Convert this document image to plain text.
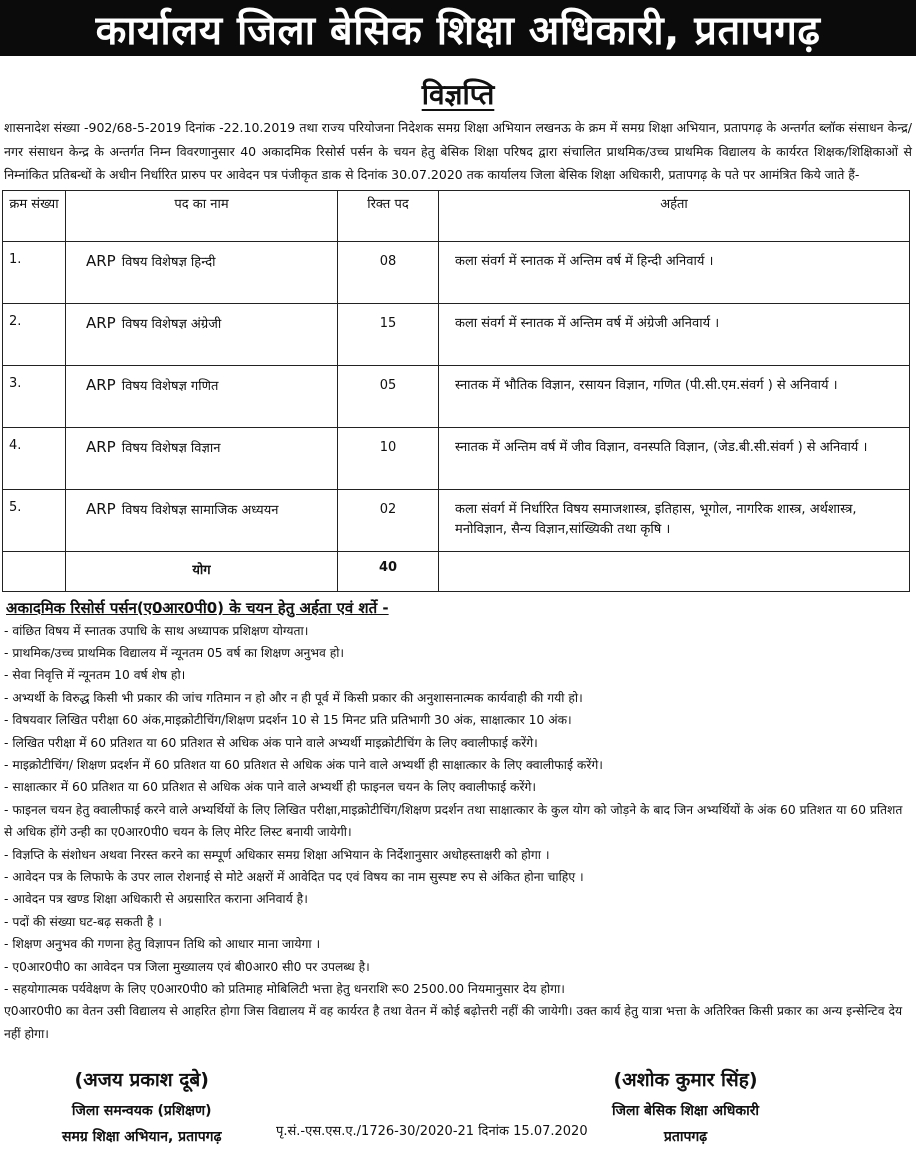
कार्यालय जिला बेसिक शिक्षा अधिकारी, प्रतापगढ़
विज्ञप्ति
शासनादेश संख्या -902/68-5-2019 दिनांक -22.10.2019 तथा राज्य परियोजना निदेशक समग्र शिक्षा अभियान लखनऊ के क्रम में समग्र शिक्षा अभियान, प्रतापगढ़ के अन्तर्गत ब्लॉक संसाधन केन्द्र/नगर संसाधन केन्द्र के अन्तर्गत निम्न विवरणानुसार 40 अकादमिक रिसोर्स पर्सन के चयन हेतु बेसिक शिक्षा परिषद द्वारा संचालित प्राथमिक/उच्च प्राथमिक विद्यालय के कार्यरत शिक्षक/शिक्षिकाओं से निम्नांकित प्रतिबन्धों के अधीन निर्धारित प्रारुप पर आवेदन पत्र पंजीकृत डाक से दिनांक 30.07.2020 तक कार्यालय जिला बेसिक शिक्षा अधिकारी, प्रतापगढ़ के पते पर आमंत्रित किये जाते हैं-
क्रम संख्या	पद का नाम	रिक्त पद	अर्हता
1.	ARP विषय विशेषज्ञ हिन्दी	08	कला संवर्ग में स्नातक में अन्तिम वर्ष में हिन्दी अनिवार्य ।
2.	ARP विषय विशेषज्ञ अंग्रेजी	15	कला संवर्ग में स्नातक में अन्तिम वर्ष में अंग्रेजी अनिवार्य ।
3.	ARP विषय विशेषज्ञ गणित	05	स्नातक में भौतिक विज्ञान, रसायन विज्ञान, गणित (पी.सी.एम.संवर्ग ) से अनिवार्य ।
4.	ARP विषय विशेषज्ञ विज्ञान	10	स्नातक में अन्तिम वर्ष में जीव विज्ञान, वनस्पति विज्ञान, (जेड.बी.सी.संवर्ग ) से अनिवार्य ।
5.	ARP विषय विशेषज्ञ सामाजिक अध्ययन	02	कला संवर्ग में निर्धारित विषय समाजशास्त्र, इतिहास, भूगोल, नागरिक शास्त्र, अर्थशास्त्र, मनोविज्ञान, सैन्य विज्ञान,सांख्यिकी तथा कृषि ।
	योग	40	
अकादमिक रिसोर्स पर्सन(ए0आर0पी0) के चयन हेतु अर्हता एवं शर्ते -
- वांछित विषय में स्नातक उपाधि के साथ अध्यापक प्रशिक्षण योग्यता।
- प्राथमिक/उच्च प्राथमिक विद्यालय में न्यूनतम 05 वर्ष का शिक्षण अनुभव हो।
- सेवा निवृत्ति में न्यूनतम 10 वर्ष शेष हो।
- अभ्यर्थी के विरुद्ध किसी भी प्रकार की जांच गतिमान न हो और न ही पूर्व में किसी प्रकार की अनुशासनात्मक कार्यवाही की गयी हो।
- विषयवार लिखित परीक्षा 60 अंक,माइक्रोटीचिंग/शिक्षण प्रदर्शन 10 से 15 मिनट प्रति प्रतिभागी 30 अंक, साक्षात्कार 10 अंक।
- लिखित परीक्षा में 60 प्रतिशत या 60 प्रतिशत से अधिक अंक पाने वाले अभ्यर्थी माइक्रोटीचिंग के लिए क्वालीफाई करेंगे।
- माइक्रोटीचिंग/ शिक्षण प्रदर्शन में 60 प्रतिशत या 60 प्रतिशत से अधिक अंक पाने वाले अभ्यर्थी ही साक्षात्कार के लिए क्वालीफाई करेंगे।
- साक्षात्कार में 60 प्रतिशत या 60 प्रतिशत से अधिक अंक पाने वाले अभ्यर्थी ही फाइनल चयन के लिए क्वालीफाई करेंगे।
- फाइनल चयन हेतु क्वालीफाई करने वाले अभ्यर्थियों के लिए लिखित परीक्षा,माइक्रोटीचिंग/शिक्षण प्रदर्शन तथा साक्षात्कार के कुल योग को जोड़ने के बाद जिन अभ्यर्थियों के अंक 60 प्रतिशत या 60 प्रतिशत से अधिक होंगे उन्ही का ए0आर0पी0 चयन के लिए मेरिट लिस्ट बनायी जायेगी।
- विज्ञप्ति के संशोधन अथवा निरस्त करने का सम्पूर्ण अधिकार समग्र शिक्षा अभियान के निर्देशानुसार अधोहस्ताक्षरी को होगा ।
- आवेदन पत्र के लिफाफे के उपर लाल रोशनाई से मोटे अक्षरों में आवेदित पद एवं विषय का नाम सुस्पष्ट रुप से अंकित होना चाहिए ।
- आवेदन पत्र खण्ड शिक्षा अधिकारी से अग्रसारित कराना अनिवार्य है।
- पदों की संख्या घट-बढ़ सकती है ।
- शिक्षण अनुभव की गणना हेतु विज्ञापन तिथि को आधार माना जायेगा ।
- ए0आर0पी0 का आवेदन पत्र जिला मुख्यालय एवं बी0आर0 सी0 पर उपलब्ध है।
- सहयोगात्मक पर्यवेक्षण के लिए ए0आर0पी0 को प्रतिमाह मोबिलिटी भत्ता हेतु धनराशि रू0 2500.00 नियमानुसार देय होगा।
ए0आर0पी0 का वेतन उसी विद्यालय से आहरित होगा जिस विद्यालय में वह कार्यरत है तथा वेतन में कोई बढ़ोत्तरी नहीं की जायेगी। उक्त कार्य हेतु यात्रा भत्ता के अतिरिक्त किसी प्रकार का अन्य इन्सेन्टिव देय नहीं होगा।
(अजय प्रकाश दूबे)
जिला समन्वयक (प्रशिक्षण)
समग्र शिक्षा अभियान, प्रतापगढ़	पृ.सं.-एस.एस.ए./1726-30/2020-21 दिनांक 15.07.2020
(अशोक कुमार सिंह)
जिला बेसिक शिक्षा अधिकारी
प्रतापगढ़
